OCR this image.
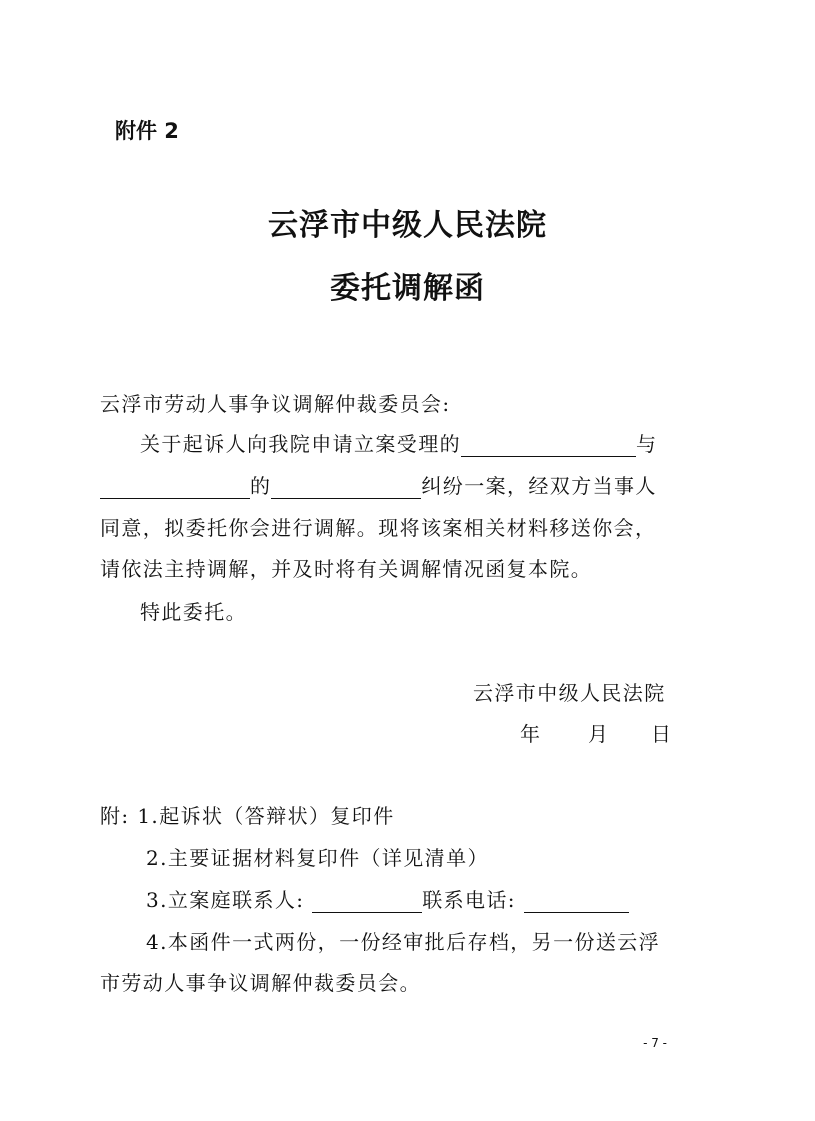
附件 2
云浮市中级人民法院
委托调解函
云浮市劳动人事争议调解仲裁委员会:
关于起诉人向我院申请立案受理的	与
的	纠纷一案，经双方当事人
同意，拟委托你会进行调解。现将该案相关材料移送你会，
请依法主持调解，并及时将有关调解情况函复本院。
特此委托。
云浮市中级人民法院
年 月 日
附: 1.起诉状（答辩状）复印件
2.主要证据材料复印件（详见清单）
3.立案庭联系人:	联系电话:
4.本函件一式两份，一份经审批后存档，另一份送云浮
市劳动人事争议调解仲裁委员会。
- 7 -
